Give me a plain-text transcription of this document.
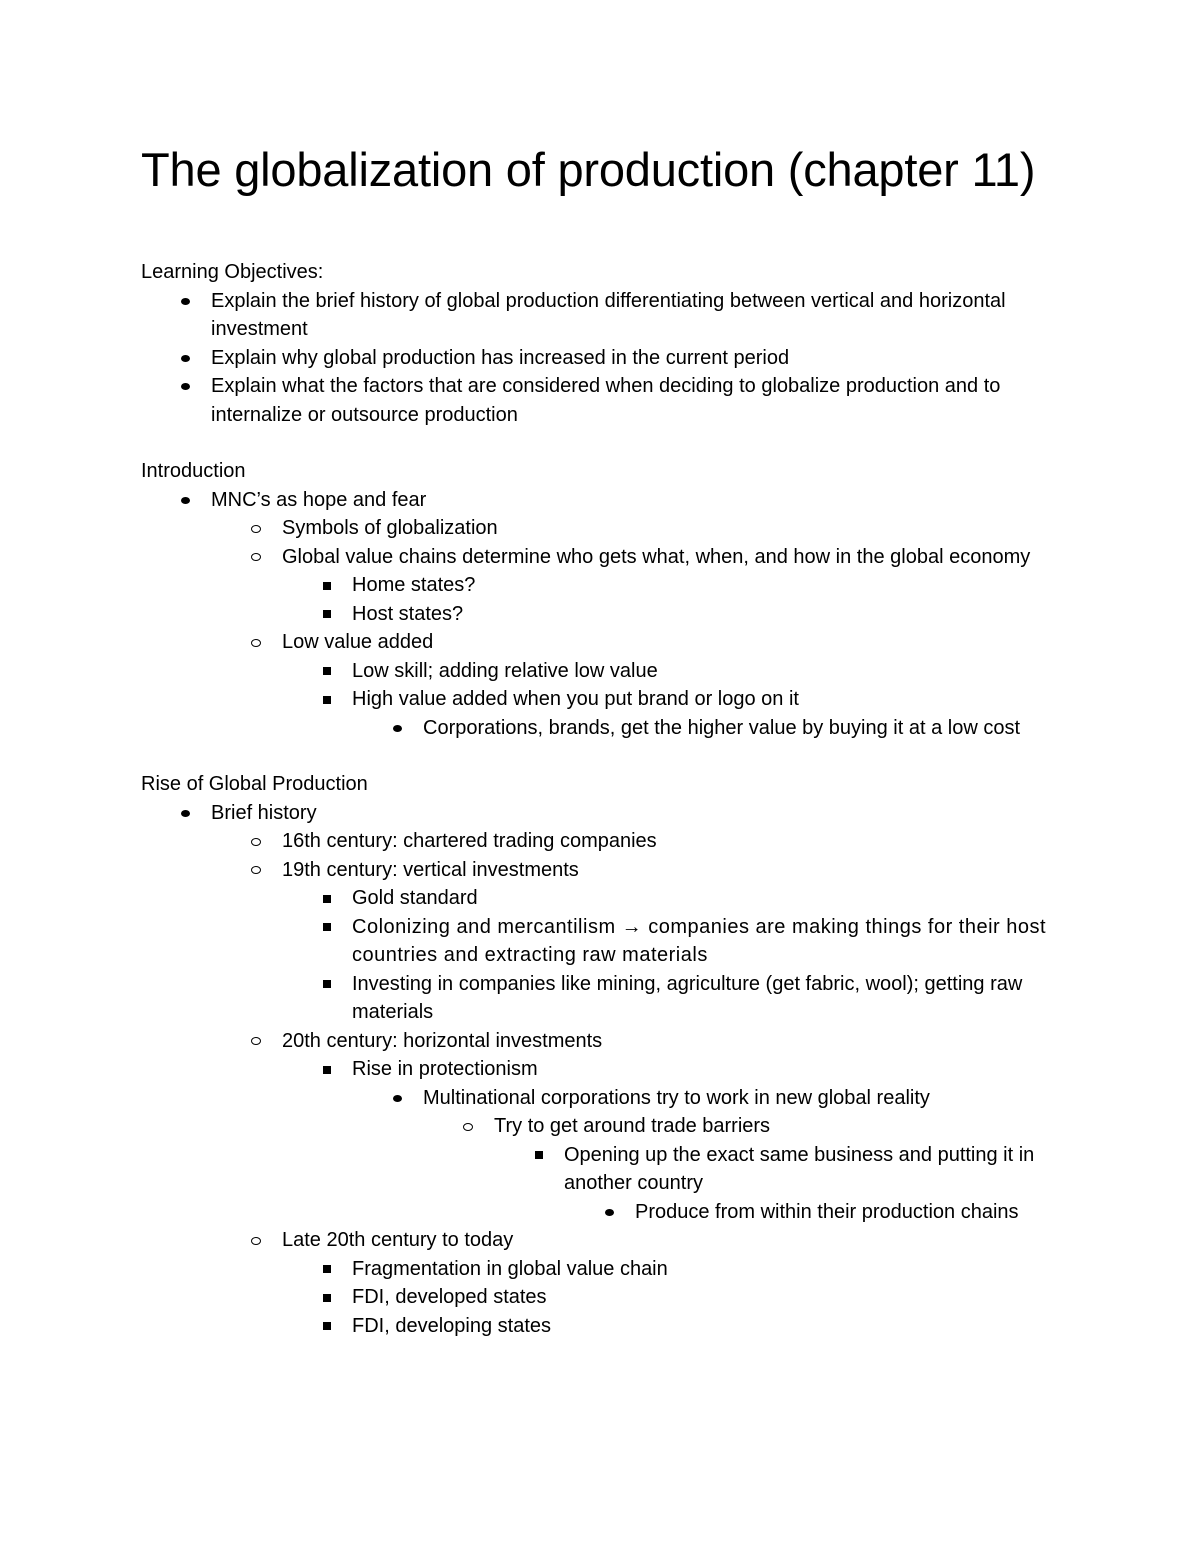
The globalization of production (chapter 11)
Learning Objectives:
Explain the brief history of global production differentiating between vertical and horizontal investment
Explain why global production has increased in the current period
Explain what the factors that are considered when deciding to globalize production and to internalize or outsource production
Introduction
MNC’s as hope and fear
Symbols of globalization
Global value chains determine who gets what, when, and how in the global economy
Home states?
Host states?
Low value added
Low skill; adding relative low value
High value added when you put brand or logo on it
Corporations, brands, get the higher value by buying it at a low cost
Rise of Global Production
Brief history
16th century: chartered trading companies
19th century: vertical investments
Gold standard
Colonizing and mercantilism → companies are making things for their host countries and extracting raw materials
Investing in companies like mining, agriculture (get fabric, wool); getting raw materials
20th century: horizontal investments
Rise in protectionism
Multinational corporations try to work in new global reality
Try to get around trade barriers
Opening up the exact same business and putting it in another country
Produce from within their production chains
Late 20th century to today
Fragmentation in global value chain
FDI, developed states
FDI, developing states
